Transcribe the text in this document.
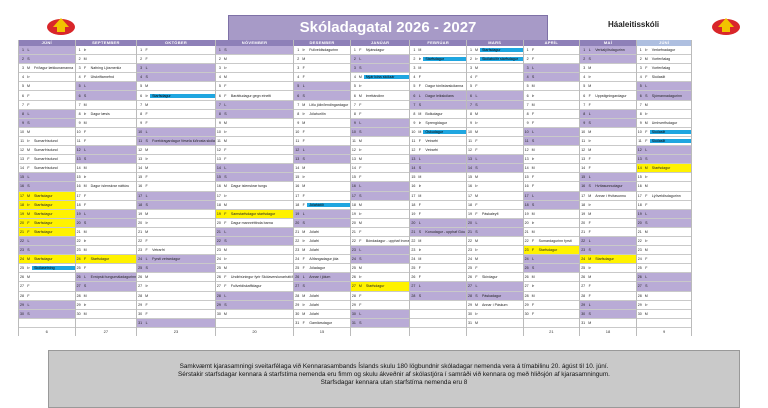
Skóladagatal 2026 - 2027	Háaleitisskóli
JÚNÍ
1 L
2 S
3 M	Fríðagur lækkunamanna
4 Þ
5 M
6 F
7 F
8 L
9 S
10 M
11 Þ	Sumarfrísdund
12 M	Sumarfrísdund
13 F	Sumarfrísdund
14 F	Sumarfrísdund
15 L
16 S
17 M	Starfsdagur
18 Þ	Starfsdagur
19 M	Starfsdagur
20 F	Starfsdagur
21 F	Starfsdagur
22 L
23 S
24 M	Starfsdagur
25 Þ	Skólasetning
26 M
27 F
28 F
29 L
30 S
6
SEPTEMBER
1 Þ
2 M
3 F	Nafning Ljósmerkiz
4 F	Útskriftarnefnd
5 L
6 S
7 M
8 Þ	Dagur læsis
9 M
10 F
11 F
12 L
13 S
14 M
15 Þ
16 M	Dagur íslenskrar náttúru
17 F
18 F
19 L
20 S
21 M
22 Þ
23 M
24 F	Starfsdagur
25 F
26 L	Evrópski tungumáladagurinn
27 S
28 M
29 Þ
30 M
27
OKTÓBER
1 F
2 F
3 L
4 S
5 M
6 Þ	Starfsdagur
7 M
8 F
9 F
10 L
11 S	Foreldragardagur Vesela lúðrosta skóla
12 M
13 Þ
14 M
15 F
16 F
17 L
18 S
19 M
20 Þ
21 M
22 F
23 F	Vetrarfrí
24 L	Fyrsti vetrardagur
25 S
26 M
27 Þ
28 M
29 F
30 F
31 L
23
NÓVEMBER
1 S
2 M
3 Þ
4 M
5 F
6 F	Baráttudagur gegn einelti
7 L
8 S
9 M
10 Þ
11 M
12 F
13 F
14 L
15 S
16 M	Dagur íslenskrar tungu
17 Þ
18 M
19 F	Samstarfsdagur starfsdagur
20 F	Dagur mannréttinda barna
21 L
22 S
23 M
24 Þ
25 M
26 F	Undirbúningur fyrir Skólaverslunarhátíð
27 F	Fullveldiskaffidagur
28 L
29 S
30 M
20
DESEMBER
1 Þ	Fullveldisdagurinn
2 M
3 F
4 F
5 L
6 S
7 M	Litlu jólin/lendingardagur
8 Þ	Jólahurðin
9 M
10 F
11 F
12 L
13 S
14 M
15 Þ
16 M
17 F
18 F	Jólahátíð
19 L
20 S
21 M	Jólafrí
22 Þ	Jólafrí
23 M	Jólafrí
24 F	Aðfangadagur jóla
25 F	Jóladagur
26 L	Annar í jólum
27 S
28 M	Jólafrí
29 Þ	Jólafrí
30 M	Jólafrí
31 F	Gamlársdagur
15
JANÚAR
1 F	Nýársdagur
2 L
3 S
4 M	Nýár kóss skólaár
5 Þ
6 M	Þrettándinn
7 F
8 F
9 L
10 S
11 M
12 Þ
13 M
14 F
15 F
16 L
17 S
18 M
19 Þ
20 M
21 F
22 F	Bóndadagur - upphaf Þorra
23 L
24 S
25 M
26 Þ
27 M	Starfsdagur
28 F
29 F
30 L
31 S
FEBRÚAR
1 M
2 Þ	Starfsdagur
3 M
4 F
5 F	Dagur tónlistarskólanna
6 L	Dagur leikskólans
7 S
8 M	Bolludagur
9 Þ	Sprengidagur
10 M	Öskudagur
11 F	Vetrarfrí
12 F	Vetrarfrí
13 L
14 S
15 M
16 Þ
17 M
18 F
19 F
20 L
21 S	Konudagur - upphaf Góu
22 M
23 Þ
24 M
25 F
26 F
27 L
28 S
MARS
1 M	Starfsdagur
2 Þ	Skólabúðir starfsdagur
3 M
4 F
5 F
6 L
7 S
8 M
9 Þ
10 M
11 F
12 F
13 L
14 S
15 M
16 Þ
17 M
18 F
19 F	Páskaleyfi
20 L
21 S
22 M
23 Þ
24 M
25 F
26 F	Skírdagur
27 L
28 S	Páskadagur
29 M	Annar í Páskum
30 Þ
31 M
APRÍL
1 F
2 F
3 L
4 S
5 M
6 Þ
7 M
8 F
9 F
10 L
11 S
12 M
13 Þ
14 M
15 F
16 F
17 L
18 S
19 M
20 Þ
21 M
22 F	Sumardagurinn fyrsti
23 F	Starfsdagur
24 L
25 S
26 M
27 Þ
28 M
29 F
30 F
21
MAÍ
1 L	Verkalýðsdagurinn
2 S
3 M
4 Þ
5 M
6 F	Uppstigningardagur
7 F
8 L
9 S
10 M
11 Þ
12 M
13 F
14 F
15 L
16 S	Hvítasunnudagur
17 M	Annar í Hvítasunnu
18 Þ
19 M
20 F
21 F
22 L
23 S
24 M	Starfsdagur
25 Þ
26 M
27 F
28 F
29 L
30 S
31 M
18
JÚNÍ
1 Þ	Verkefnadagur
2 M	Vorferðalag
3 F	Vorferðalag
4 F	Skólaslit
5 L
6 S	Sjómannadagurinn
7 M
8 Þ
9 M	Umhverfisdagur
10 F	Skólaslit
11 F	Skólaslit
12 L
13 S
14 M	Starfsdagur
15 Þ
16 M
17 F	Lýðveldisdagurinn
18 F
19 L
20 S
21 M
22 Þ
23 M
24 F
25 F
26 L
27 S
28 M
29 Þ
30 M
9
Samkvæmt kjarasamningi sveitarfélaga við Kennarasambands Íslands skulu 180 lögbundnir skóladagar nemenda vera á tímabilinu 20. ágúst til 10. júní.
Sérstakir starfsdagar kennara á starfstíma nemenda eru fimm og skulu ákveðnir af skólastjóra í samráði við kennara og með hliðsjón af kjarasamningum.
Starfsdagar kennara utan starfstíma nemenda eru 8
